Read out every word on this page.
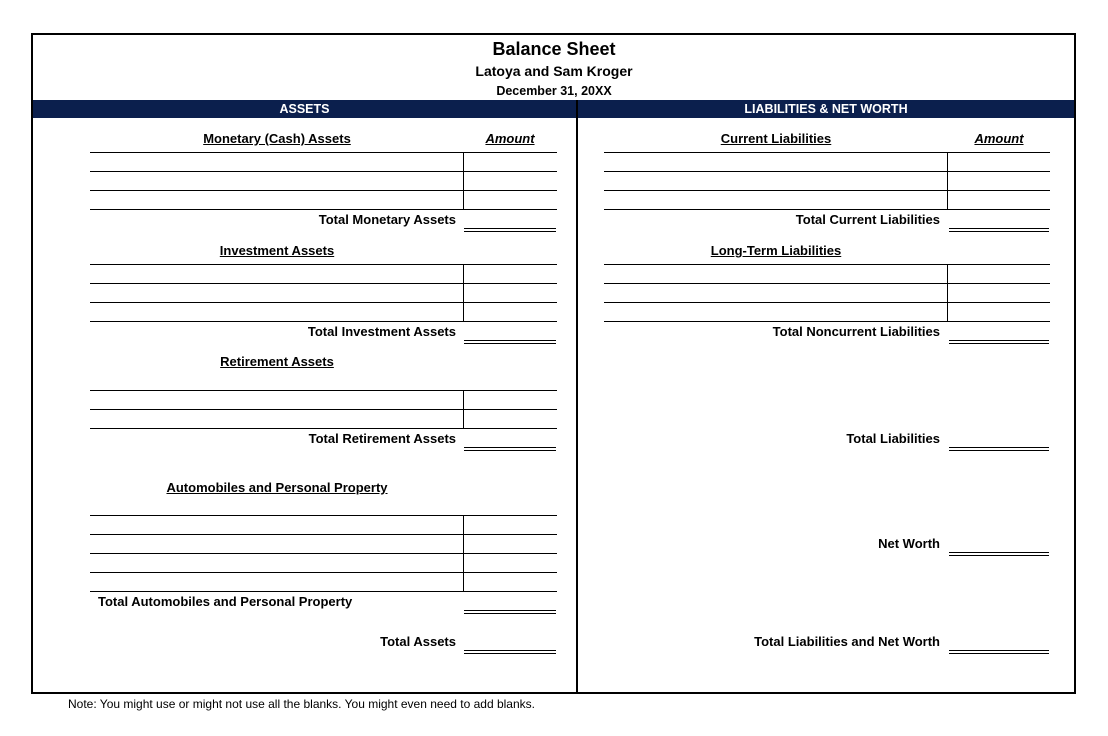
Balance Sheet
Latoya and Sam Kroger
December 31, 20XX
ASSETS	LIABILITIES & NET WORTH
Monetary (Cash) Assets	Amount
Total Monetary Assets
Investment Assets
Total Investment Assets
Retirement Assets
Total Retirement Assets
Automobiles and Personal Property
Total Automobiles and Personal Property
Total Assets
Current Liabilities	Amount
Total Current Liabilities
Long-Term Liabilities
Total Noncurrent Liabilities
Total Liabilities
Net Worth
Total Liabilities and Net Worth
Note: You might use or might not use all the blanks. You might even need to add blanks.
